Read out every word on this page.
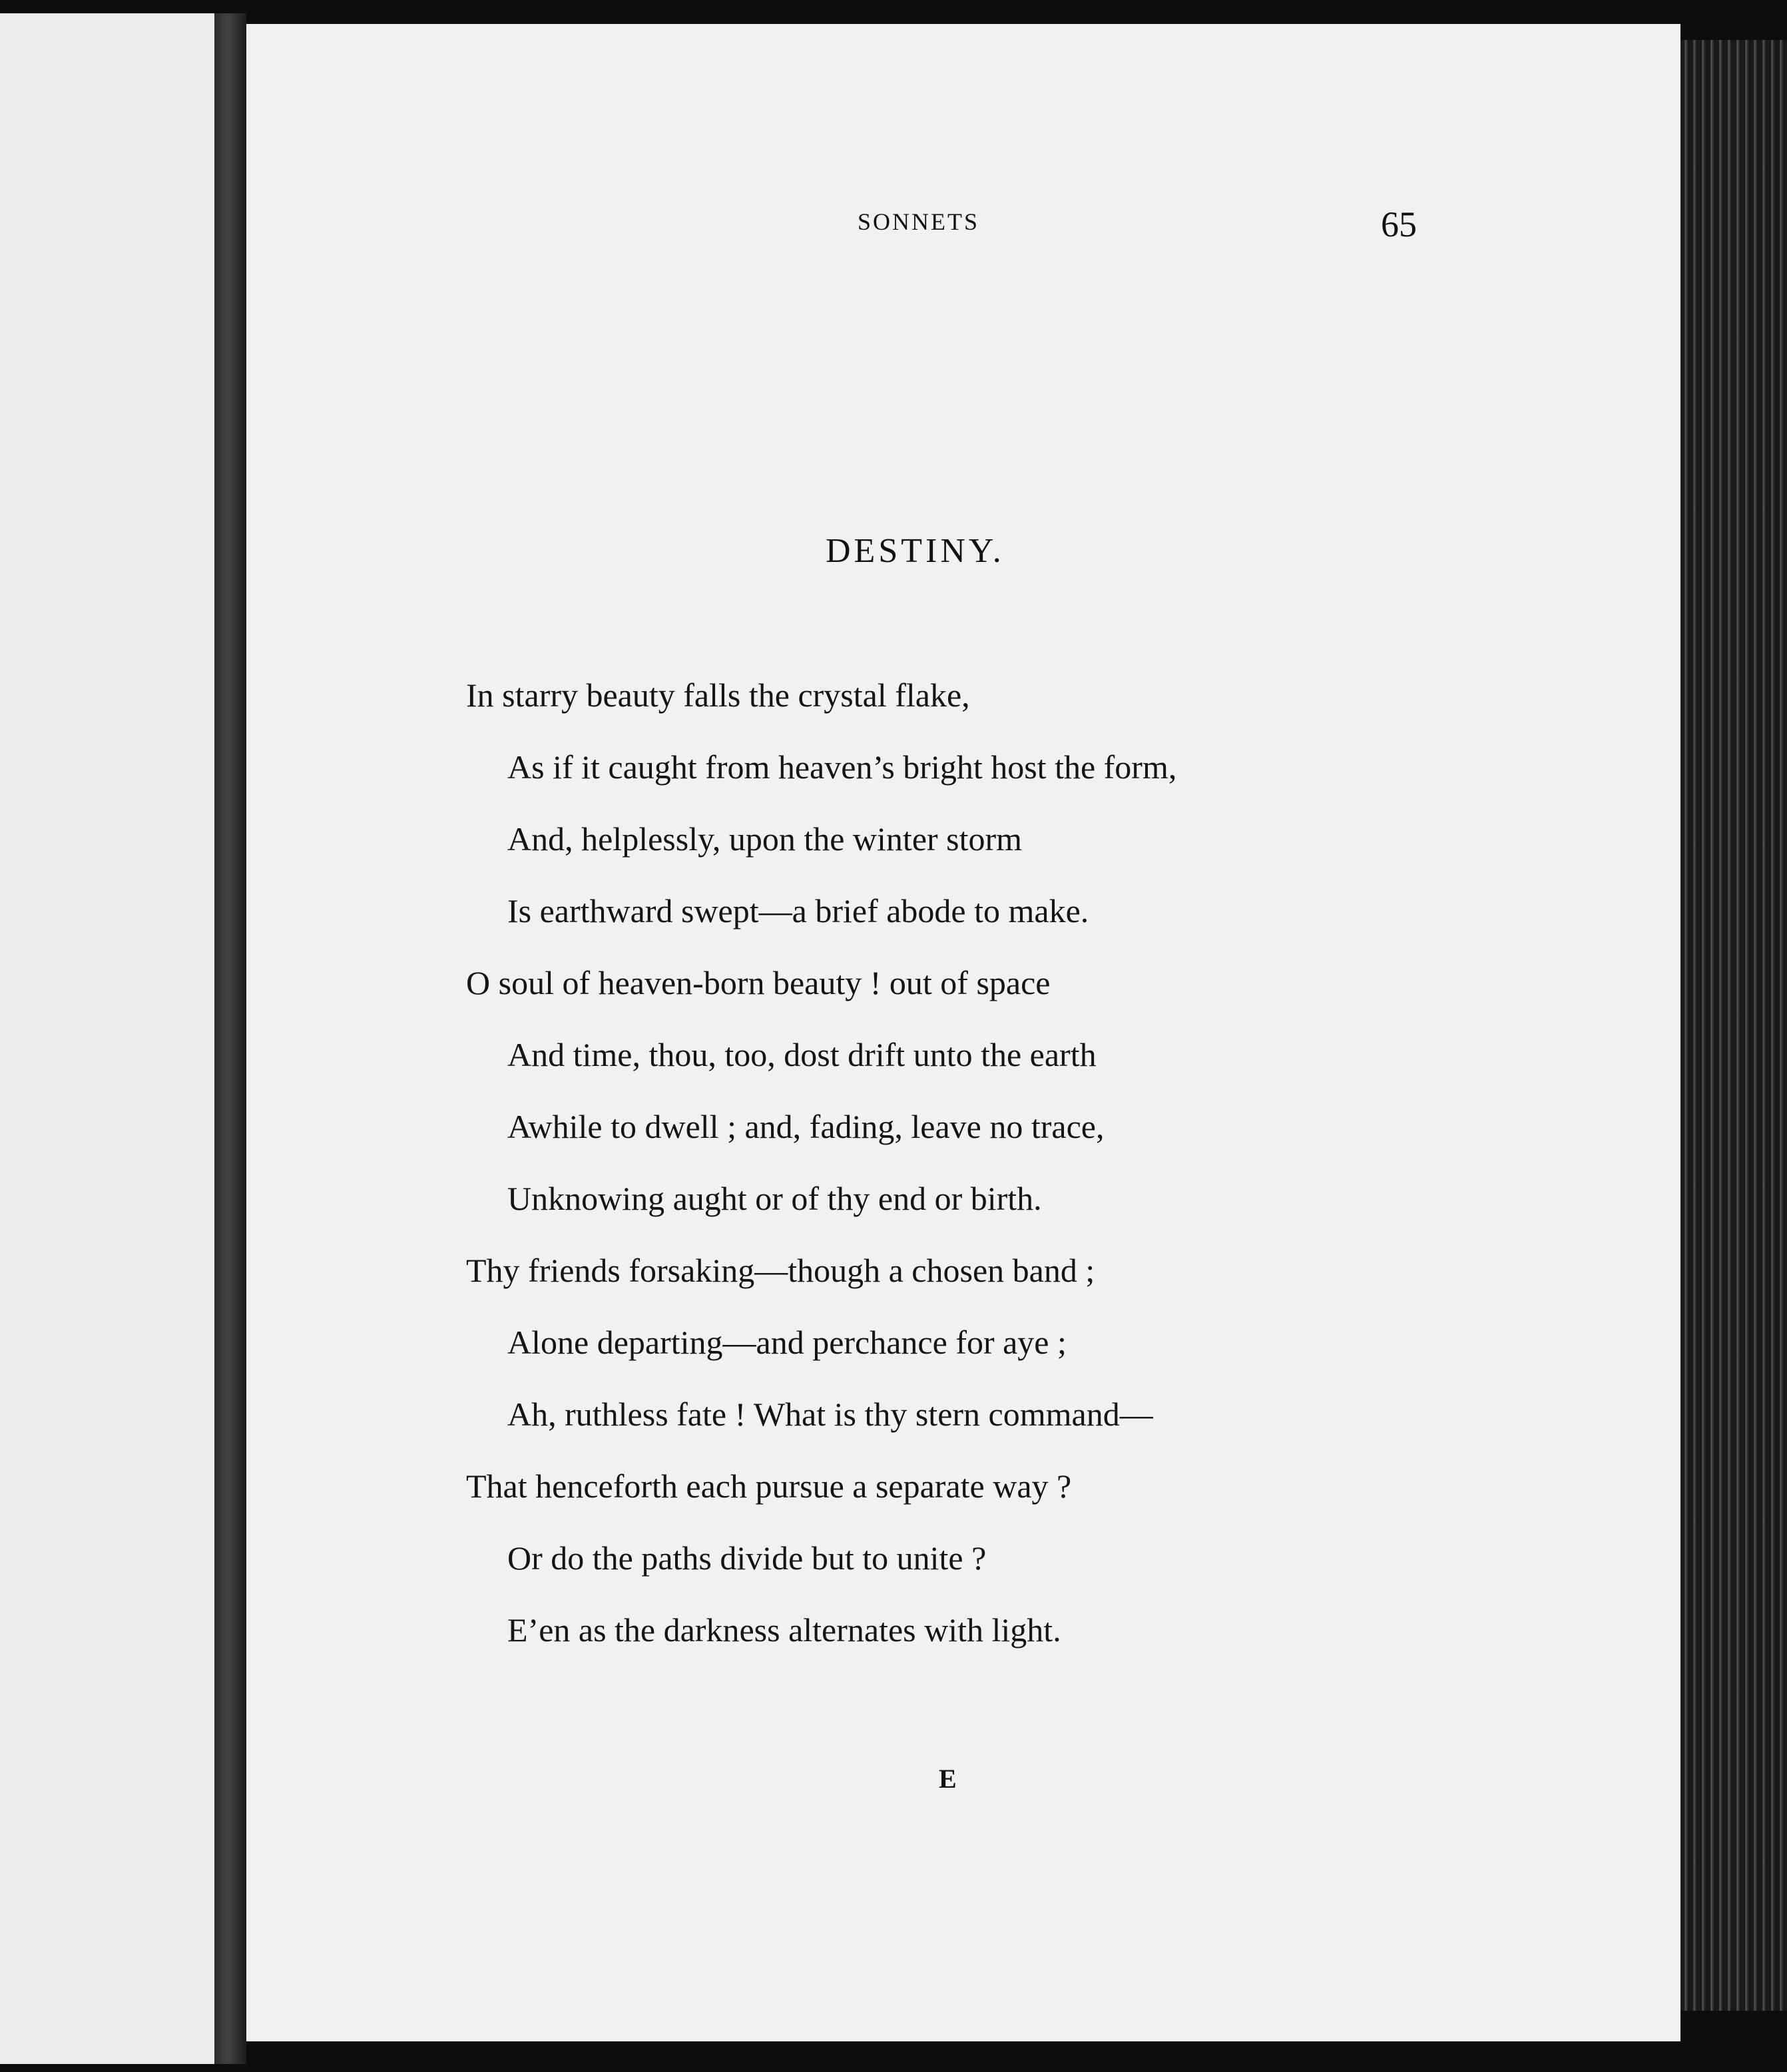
SONNETS	65

DESTINY.
In starry beauty falls the crystal flake,
As if it caught from heaven’s bright host the form,
And, helplessly, upon the winter storm
Is earthward swept—a brief abode to make.
O soul of heaven-born beauty ! out of space
And time, thou, too, dost drift unto the earth
Awhile to dwell ; and, fading, leave no trace,
Unknowing aught or of thy end or birth.
Thy friends forsaking—though a chosen band ;
Alone departing—and perchance for aye ;
Ah, ruthless fate ! What is thy stern command—
That henceforth each pursue a separate way ?
Or do the paths divide but to unite ?
E’en as the darkness alternates with light.

E
